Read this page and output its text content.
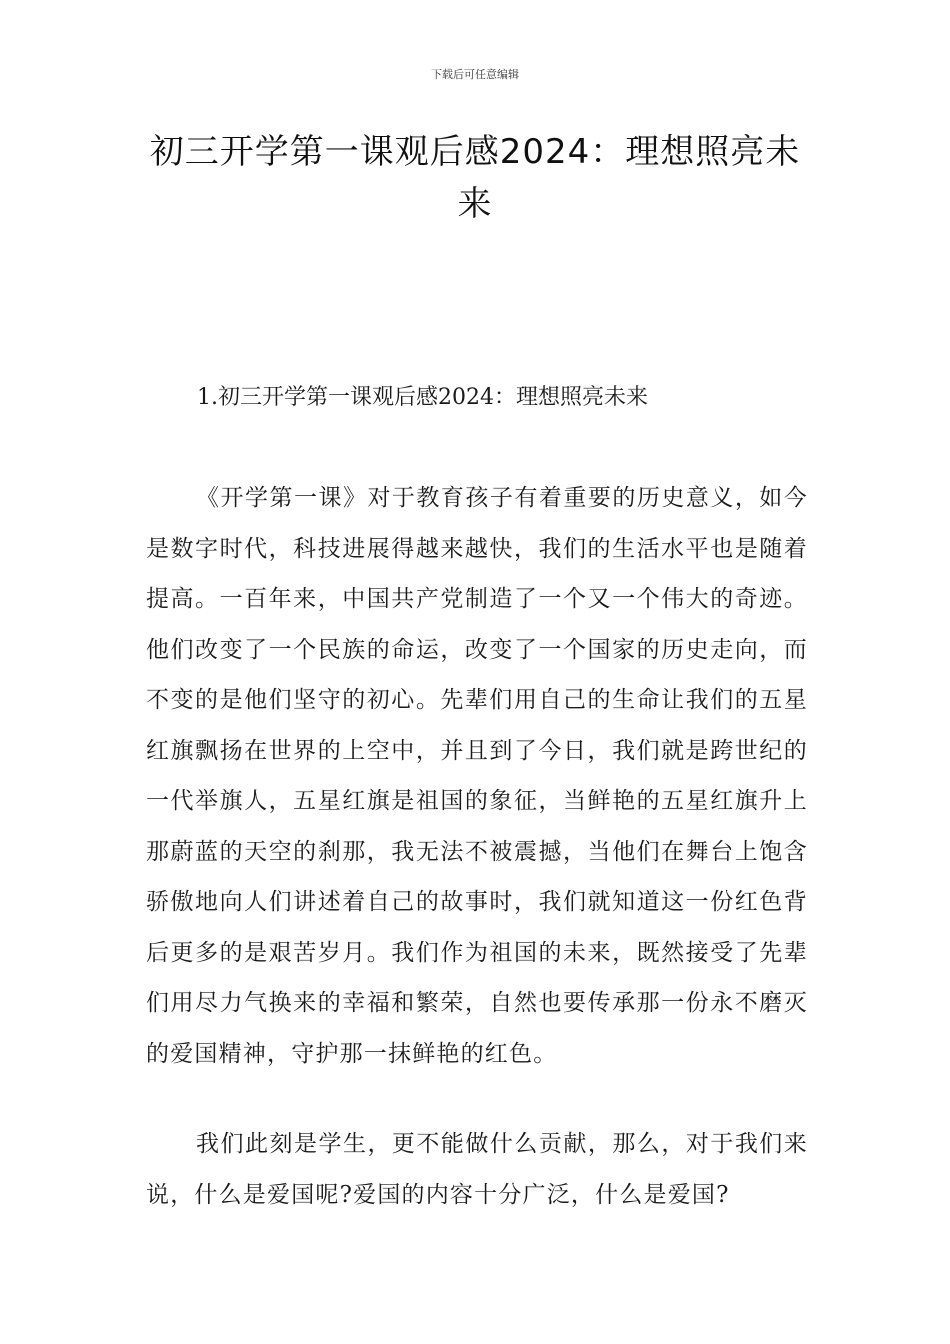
下载后可任意编辑
初三开学第一课观后感2024：理想照亮未来
1.初三开学第一课观后感2024：理想照亮未来

《开学第一课》对于教育孩子有着重要的历史意义，如今是数字时代，科技进展得越来越快，我们的生活水平也是随着提高。一百年来，中国共产党制造了一个又一个伟大的奇迹。他们改变了一个民族的命运，改变了一个国家的历史走向，而不变的是他们坚守的初心。先辈们用自己的生命让我们的五星红旗飘扬在世界的上空中，并且到了今日，我们就是跨世纪的一代举旗人，五星红旗是祖国的象征，当鲜艳的五星红旗升上那蔚蓝的天空的刹那，我无法不被震撼，当他们在舞台上饱含骄傲地向人们讲述着自己的故事时，我们就知道这一份红色背后更多的是艰苦岁月。我们作为祖国的未来，既然接受了先辈们用尽力气换来的幸福和繁荣，自然也要传承那一份永不磨灭的爱国精神，守护那一抹鲜艳的红色。

我们此刻是学生，更不能做什么贡献，那么，对于我们来说，什么是爱国呢?爱国的内容十分广泛，什么是爱国?
